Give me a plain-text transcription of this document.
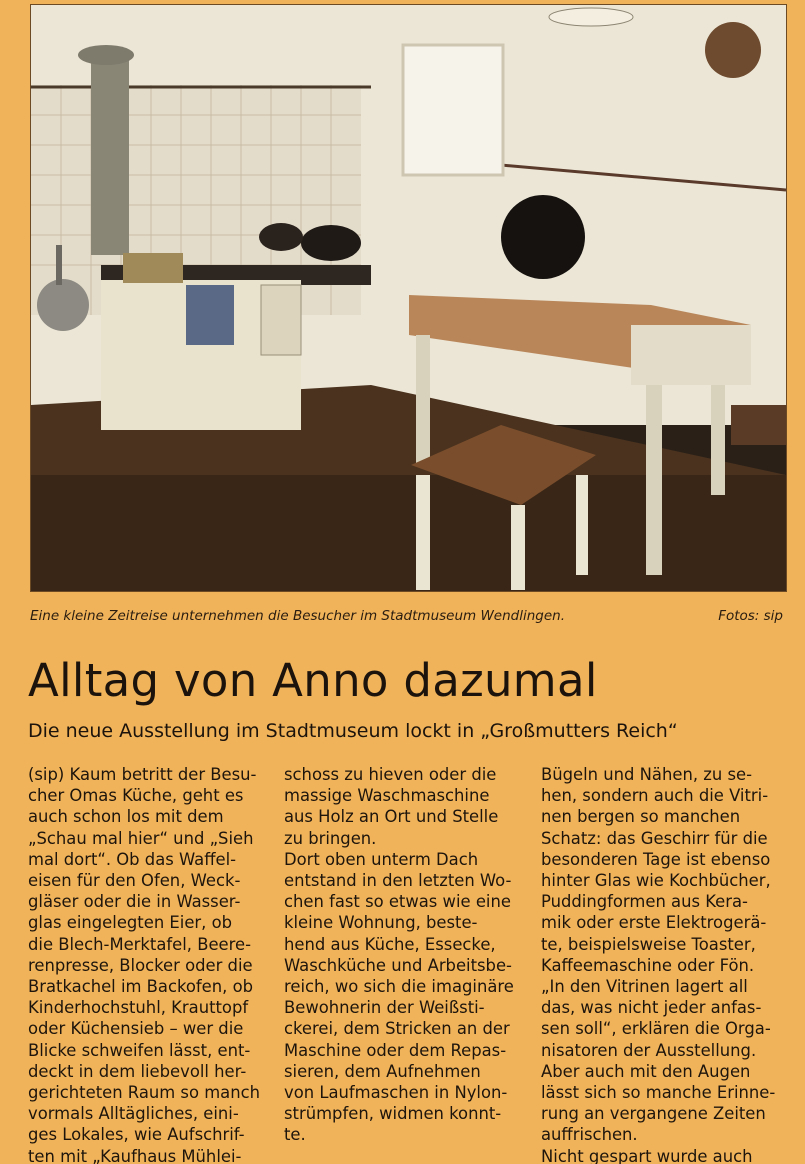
Eine kleine Zeitreise unternehmen die Besucher im Stadtmuseum Wendlingen.	Fotos: sip
Alltag von Anno dazumal
Die neue Ausstellung im Stadtmuseum lockt in „Großmutters Reich“

(sip) Kaum betritt der Besu-
cher Omas Küche, geht es
auch schon los mit dem
„Schau mal hier“ und „Sieh
mal dort“. Ob das Waffel-
eisen für den Ofen, Weck-
gläser oder die in Wasser-
glas eingelegten Eier, ob
die Blech-Merktafel, Beere-
renpresse, Blocker oder die
Bratkachel im Backofen, ob
Kinderhochstuhl, Krauttopf
oder Küchensieb – wer die
Blicke schweifen lässt, ent-
deckt in dem liebevoll her-
gerichteten Raum so manch
vormals Alltägliches, eini-
ges Lokales, wie Aufschrif-
ten mit „Kaufhaus Mühlei-

schoss zu hieven oder die
massige Waschmaschine
aus Holz an Ort und Stelle
zu bringen.
Dort oben unterm Dach
entstand in den letzten Wo-
chen fast so etwas wie eine
kleine Wohnung, beste-
hend aus Küche, Essecke,
Waschküche und Arbeitsbe-
reich, wo sich die imaginäre
Bewohnerin der Weißsti-
ckerei, dem Stricken an der
Maschine oder dem Repas-
sieren, dem Aufnehmen
von Laufmaschen in Nylon-
strümpfen, widmen konnt-
te.

Bügeln und Nähen, zu se-
hen, sondern auch die Vitri-
nen bergen so manchen
Schatz: das Geschirr für die
besonderen Tage ist ebenso
hinter Glas wie Kochbücher,
Puddingformen aus Kera-
mik oder erste Elektrogerä-
te, beispielsweise Toaster,
Kaffeemaschine oder Fön.
„In den Vitrinen lagert all
das, was nicht jeder anfas-
sen soll“, erklären die Orga-
nisatoren der Ausstellung.
Aber auch mit den Augen
lässt sich so manche Erinne-
rung an vergangene Zeiten
auffrischen.
Nicht gespart wurde auch
